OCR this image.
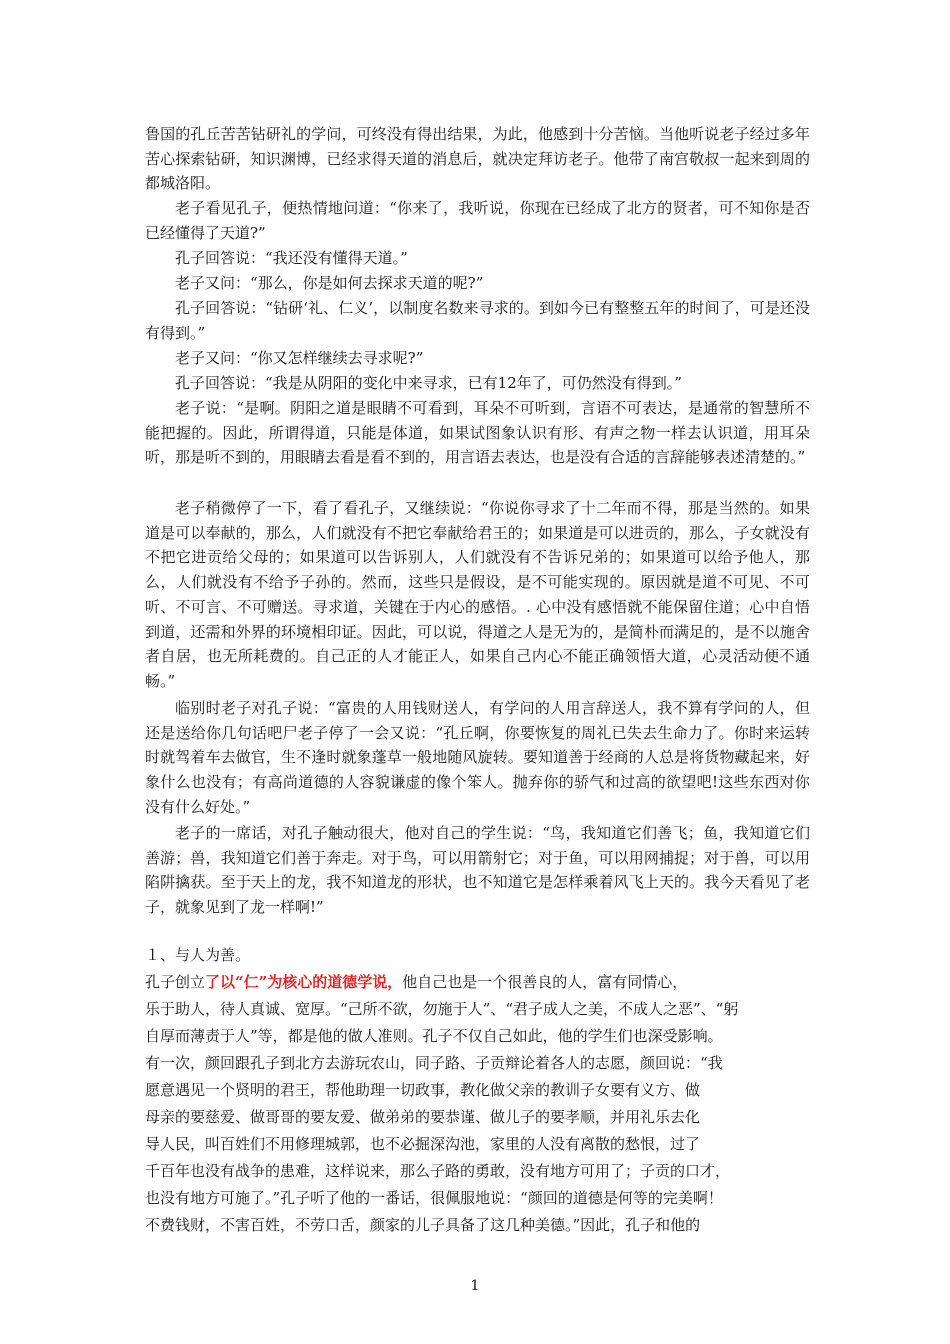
鲁国的孔丘苦苦钻研礼的学问，可终没有得出结果，为此，他感到十分苦恼。当他听说老子经过多年苦心探索钻研，知识渊博，已经求得天道的消息后，就决定拜访老子。他带了南宫敬叔一起来到周的都城洛阳。

老子看见孔子，便热情地问道：“你来了，我听说，你现在已经成了北方的贤者，可不知你是否已经懂得了天道?”

孔子回答说：“我还没有懂得天道。”

老子又问：“那么，你是如何去探求天道的呢?”

孔子回答说：“钻研‘礼、仁义’，以制度名数来寻求的。到如今已有整整五年的时间了，可是还没有得到。”

老子又问：“你又怎样继续去寻求呢?”

孔子回答说：“我是从阴阳的变化中来寻求，已有12年了，可仍然没有得到。”

老子说：“是啊。阴阳之道是眼睛不可看到，耳朵不可听到，言语不可表达，是通常的智慧所不能把握的。因此，所谓得道，只能是体道，如果试图象认识有形、有声之物一样去认识道，用耳朵听，那是听不到的，用眼睛去看是看不到的，用言语去表达，也是没有合适的言辞能够表述清楚的。”

老子稍微停了一下，看了看孔子，又继续说：“你说你寻求了十二年而不得，那是当然的。如果道是可以奉献的，那么，人们就没有不把它奉献给君王的；如果道是可以进贡的，那么，子女就没有不把它进贡给父母的；如果道可以告诉别人，人们就没有不告诉兄弟的；如果道可以给予他人，那么，人们就没有不给予子孙的。然而，这些只是假设，是不可能实现的。原因就是道不可见、不可听、不可言、不可赠送。寻求道，关键在于内心的感悟。. 心中没有感悟就不能保留住道；心中自悟到道，还需和外界的环境相印证。因此，可以说，得道之人是无为的，是简朴而满足的，是不以施舍者自居，也无所耗费的。自己正的人才能正人，如果自己内心不能正确领悟大道，心灵活动便不通畅。”

临别时老子对孔子说：“富贵的人用钱财送人，有学问的人用言辞送人，我不算有学问的人，但还是送给你几句话吧尸老子停了一会又说：“孔丘啊，你要恢复的周礼已失去生命力了。你时来运转时就驾着车去做官，生不逢时就象蓬草一般地随风旋转。要知道善于经商的人总是将货物藏起来，好象什么也没有；有高尚道德的人容貌谦虚的像个笨人。抛弃你的骄气和过高的欲望吧!这些东西对你没有什么好处。”

老子的一席话，对孔子触动很大，他对自己的学生说：“鸟，我知道它们善飞；鱼，我知道它们善游；兽，我知道它们善于奔走。对于鸟，可以用箭射它；对于鱼，可以用网捕捉；对于兽，可以用陷阱擒获。至于天上的龙，我不知道龙的形状，也不知道它是怎样乘着风飞上天的。我今天看见了老子，就象见到了龙一样啊!”

１、与人为善。
孔子创立了以“仁”为核心的道德学说，他自己也是一个很善良的人，富有同情心，
乐于助人，待人真诚、宽厚。“己所不欲，勿施于人”、“君子成人之美，不成人之恶”、“躬
自厚而薄责于人”等，都是他的做人准则。孔子不仅自己如此，他的学生们也深受影响。
有一次，颜回跟孔子到北方去游玩农山，同子路、子贡辩论着各人的志愿，颜回说：“我
愿意遇见一个贤明的君王，帮他助理一切政事，教化做父亲的教训子女要有义方、做
母亲的要慈爱、做哥哥的要友爱、做弟弟的要恭谨、做儿子的要孝顺，并用礼乐去化
导人民，叫百姓们不用修理城郭，也不必掘深沟池，家里的人没有离散的愁恨，过了
千百年也没有战争的患难，这样说来，那么子路的勇敢，没有地方可用了；子贡的口才，
也没有地方可施了。”孔子听了他的一番话，很佩服地说：“颜回的道德是何等的完美啊！
不费钱财，不害百姓，不劳口舌，颜家的儿子具备了这几种美德。”因此，孔子和他的
1
